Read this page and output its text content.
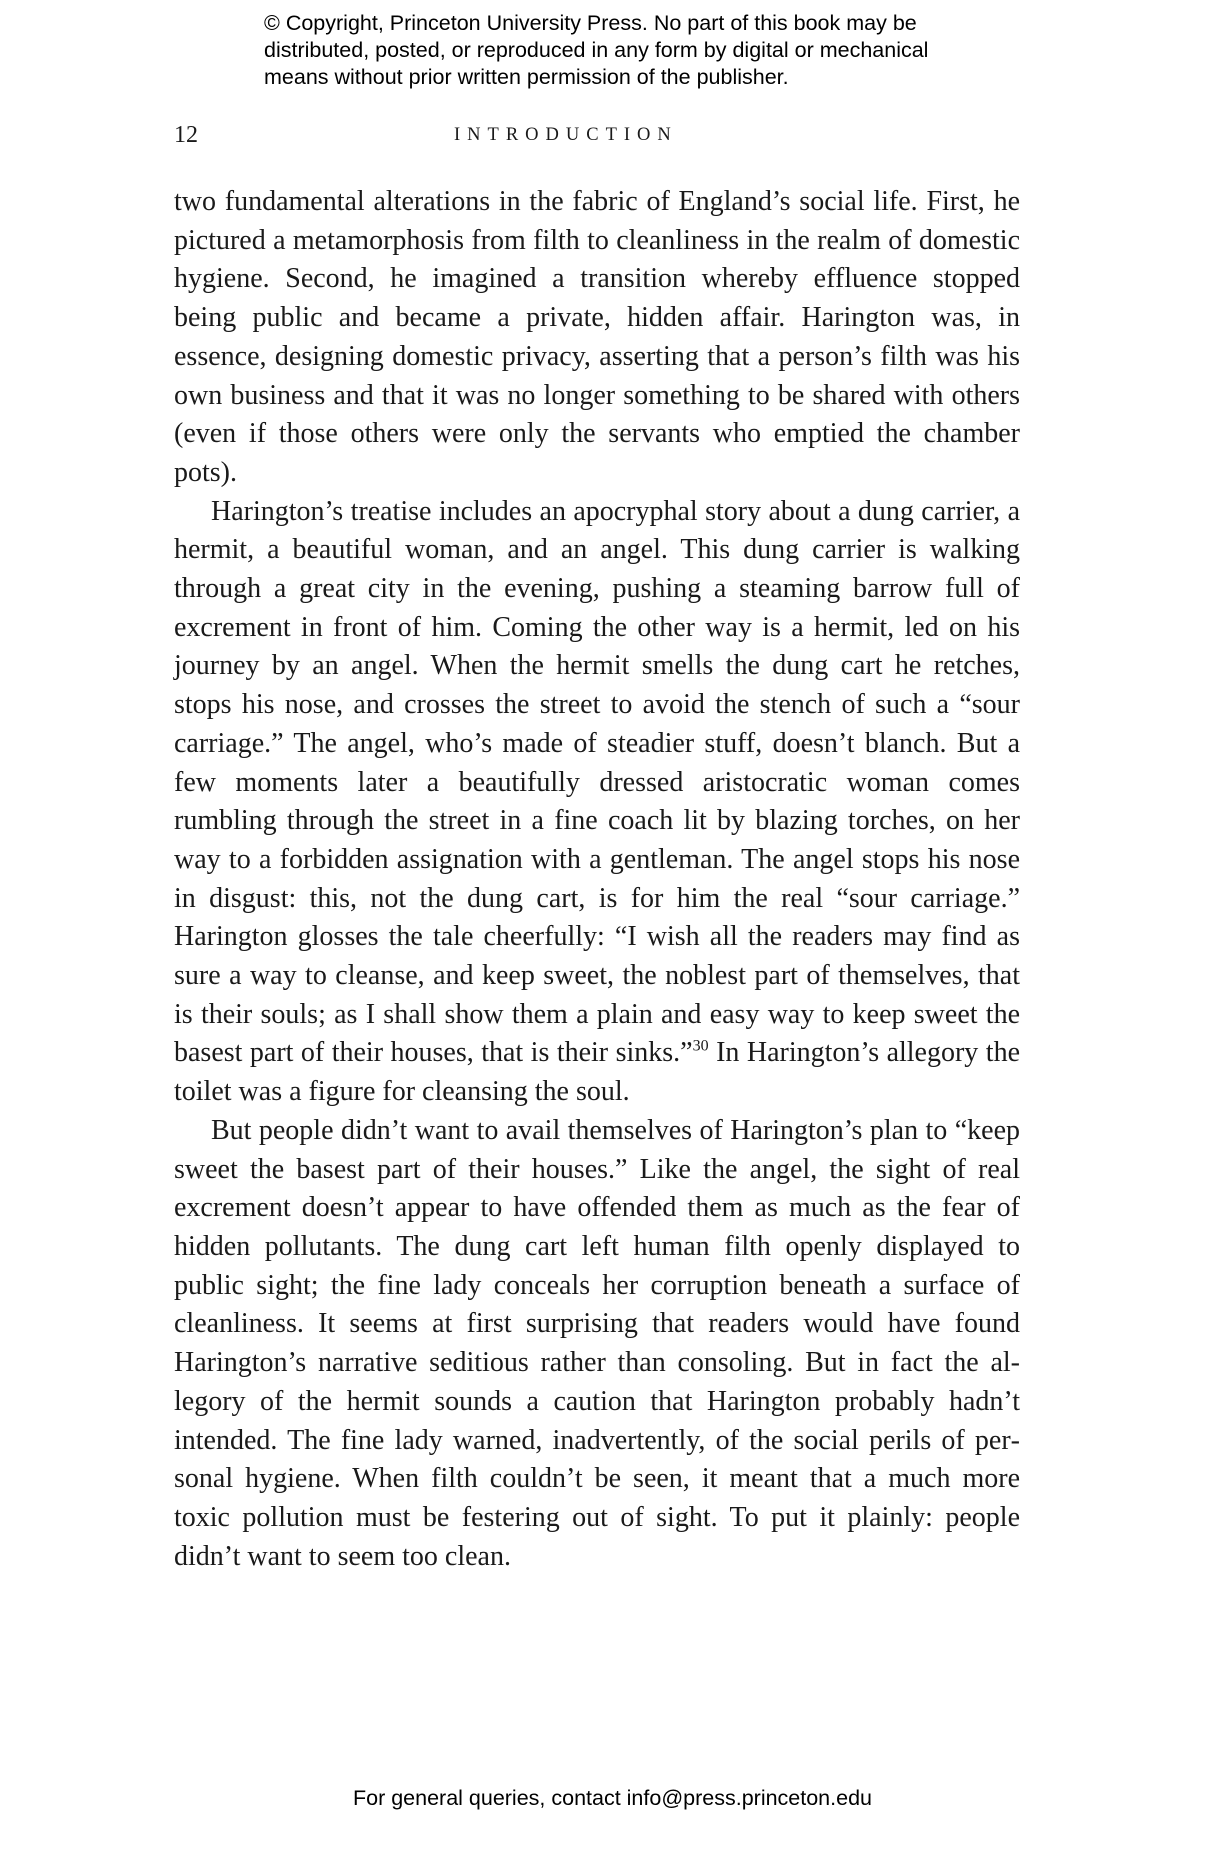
© Copyright, Princeton University Press. No part of this book may be distributed, posted, or reproduced in any form by digital or mechanical means without prior written permission of the publisher.
12	INTRODUCTION

two fundamental alterations in the fabric of England’s social life. First, he pictured a metamorphosis from filth to cleanliness in the realm of domestic hygiene. Second, he imagined a transition whereby effluence stopped being public and became a private, hidden affair. Harington was, in essence, designing domestic privacy, asserting that a person’s filth was his own business and that it was no longer something to be shared with others (even if those others were only the servants who emptied the chamber pots).

Harington’s treatise includes an apocryphal story about a dung carrier, a hermit, a beautiful woman, and an angel. This dung carrier is walking through a great city in the evening, pushing a steaming barrow full of excrement in front of him. Coming the other way is a hermit, led on his journey by an angel. When the hermit smells the dung cart he retches, stops his nose, and crosses the street to avoid the stench of such a “sour carriage.” The angel, who’s made of steadier stuff, doesn’t blanch. But a few moments later a beautifully dressed aristocratic woman comes rumbling through the street in a fine coach lit by blazing torches, on her way to a forbidden assignation with a gentleman. The angel stops his nose in disgust: this, not the dung cart, is for him the real “sour carriage.” Harington glosses the tale cheerfully: “I wish all the readers may find as sure a way to cleanse, and keep sweet, the noblest part of themselves, that is their souls; as I shall show them a plain and easy way to keep sweet the basest part of their houses, that is their sinks.”$^{30}$ In Harington’s allegory the toilet was a figure for cleansing the soul.

But people didn’t want to avail themselves of Harington’s plan to “keep sweet the basest part of their houses.” Like the angel, the sight of real excrement doesn’t appear to have offended them as much as the fear of hidden pollutants. The dung cart left human filth openly displayed to public sight; the fine lady conceals her corruption beneath a surface of cleanliness. It seems at first surprising that readers would have found Harington’s narrative seditious rather than consoling. But in fact the allegory of the hermit sounds a caution that Harington probably hadn’t intended. The fine lady warned, inadvertently, of the social perils of personal hygiene. When filth couldn’t be seen, it meant that a much more toxic pollution must be festering out of sight. To put it plainly: people didn’t want to seem too clean.

For general queries, contact info@press.princeton.edu
